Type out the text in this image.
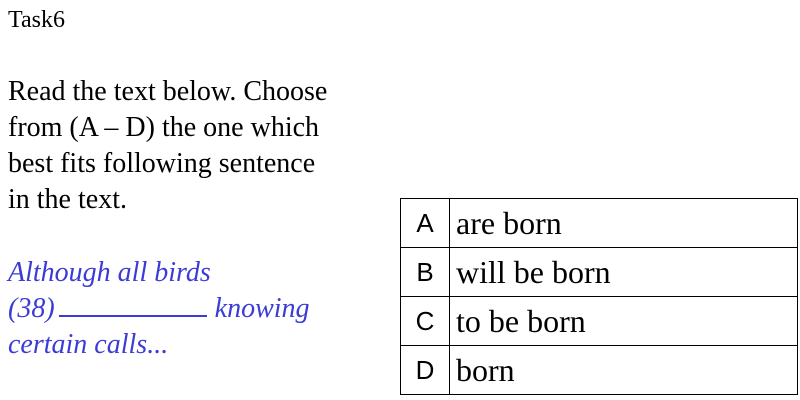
Task6
Read the text below. Choose
from (A – D) the one which
best fits following sentence
in the text.
Although all birds
(38)	knowing
certain calls...
A	are born
B	will be born
C	to be born
D	born
